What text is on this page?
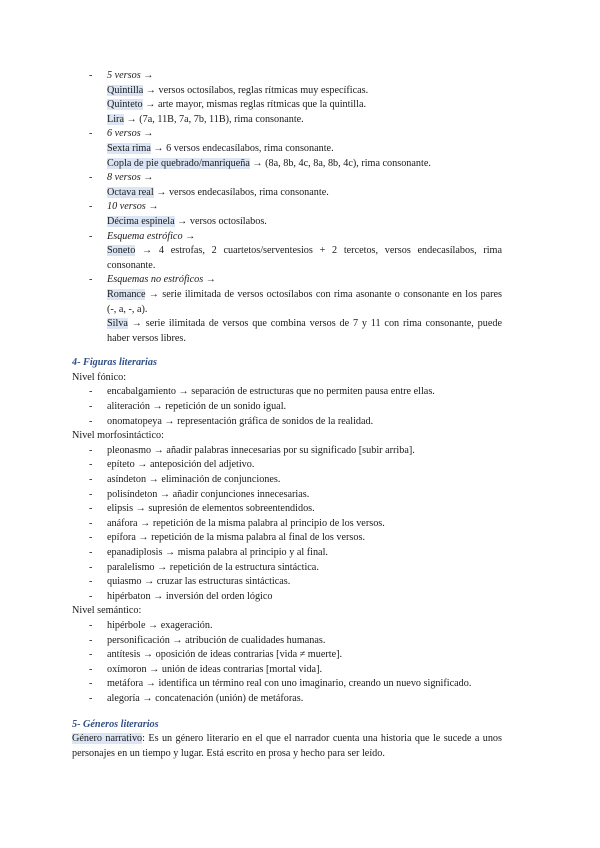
- 5 versos →
Quintilla → versos octosílabos, reglas rítmicas muy específicas.
Quinteto → arte mayor, mismas reglas rítmicas que la quintilla.
Lira → (7a, 11B, 7a, 7b, 11B), rima consonante.
- 6 versos →
Sexta rima → 6 versos endecasílabos, rima consonante.
Copla de pie quebrado/manriqueña → (8a, 8b, 4c, 8a, 8b, 4c), rima consonante.
- 8 versos →
Octava real → versos endecasílabos, rima consonante.
- 10 versos →
Décima espinela → versos octosílabos.
- Esquema estrófico →
Soneto → 4 estrofas, 2 cuartetos/serventesios + 2 tercetos, versos endecasílabos, rima consonante.
- Esquemas no estróficos →
Romance → serie ilimitada de versos octosílabos con rima asonante o consonante en los pares (-, a, -, a).
Silva → serie ilimitada de versos que combina versos de 7 y 11 con rima consonante, puede haber versos libres.
4- Figuras literarias
Nivel fónico:
- encabalgamiento → separación de estructuras que no permiten pausa entre ellas.
- aliteración → repetición de un sonido igual.
- onomatopeya → representación gráfica de sonidos de la realidad.
Nivel morfosintáctico:
- pleonasmo → añadir palabras innecesarias por su significado [subir arriba].
- epíteto → anteposición del adjetivo.
- asíndeton → eliminación de conjunciones.
- polisíndeton → añadir conjunciones innecesarias.
- elipsis → supresión de elementos sobreentendidos.
- anáfora → repetición de la misma palabra al principio de los versos.
- epífora → repetición de la misma palabra al final de los versos.
- epanadiplosis → misma palabra al principio y al final.
- paralelismo → repetición de la estructura sintáctica.
- quiasmo → cruzar las estructuras sintácticas.
- hipérbaton → inversión del orden lógico
Nivel semántico:
- hipérbole → exageración.
- personificación → atribución de cualidades humanas.
- antítesis → oposición de ideas contrarias [vida ≠ muerte].
- oxímoron → unión de ideas contrarias [mortal vida].
- metáfora → identifica un término real con uno imaginario, creando un nuevo significado.
- alegoría → concatenación (unión) de metáforas.
5- Géneros literarios
Género narrativo: Es un género literario en el que el narrador cuenta una historia que le sucede a unos personajes en un tiempo y lugar. Está escrito en prosa y hecho para ser leído.
